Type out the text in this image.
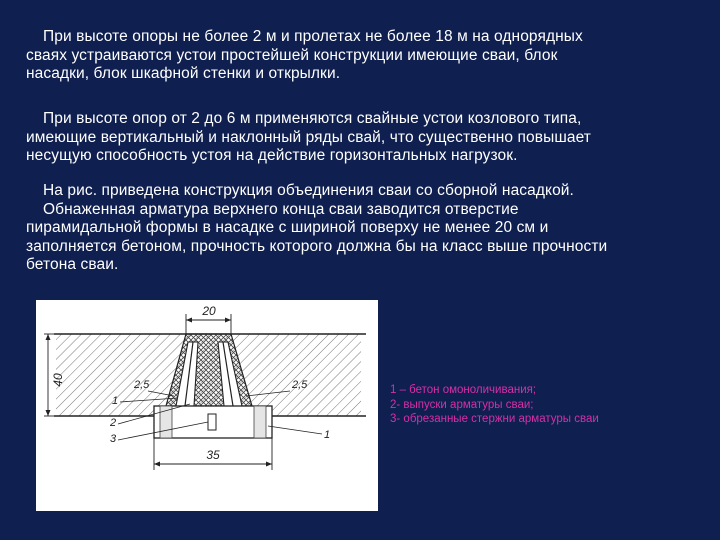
При высоте опоры не более 2 м и пролетах не более 18 м на однорядных
сваях устраиваются устои простейшей конструкции имеющие сваи, блок
насадки, блок шкафной стенки и открылки.
При высоте опор от 2 до 6 м применяются свайные устои козлового типа,
имеющие вертикальный и наклонный ряды свай, что существенно повышает
несущую способность устоя на действие горизонтальных нагрузок.
На рис. приведена конструкция объединения сваи со сборной насадкой.
Обнаженная арматура верхнего конца сваи заводится отверстие
пирамидальной формы в насадке с шириной поверху не менее 20 см и
заполняется бетоном, прочность которого должна бы на класс выше прочности
бетона сваи.
20
40	2,5	2,5
1
2
3	1
35
1 – бетон омоноличивания;
2- выпуски арматуры сваи;
3- обрезанные стержни арматуры сваи
